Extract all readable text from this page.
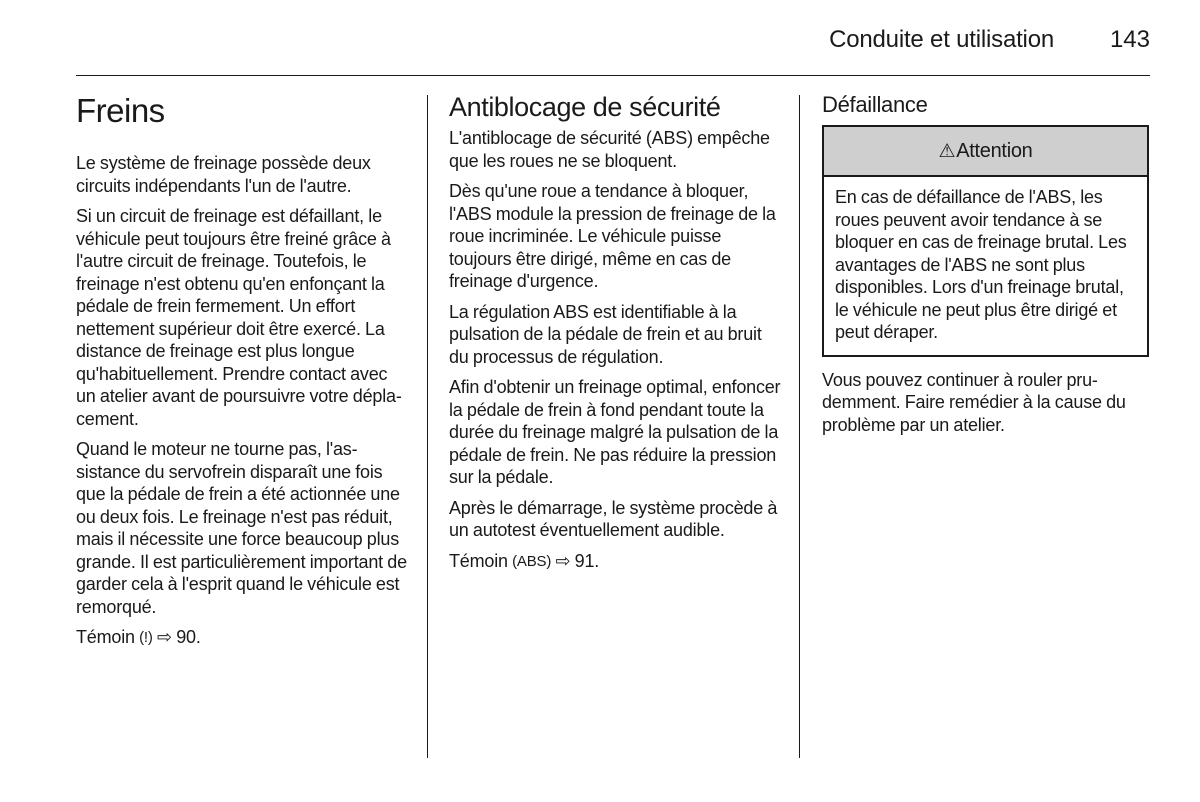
Conduite et utilisation 143
Freins

Le système de freinage possède deux circuits indépendants l'un de l'autre.

Si un circuit de freinage est défaillant, le véhicule peut toujours être freiné grâce à l'autre circuit de freinage. Toutefois, le freinage n'est obtenu qu'en enfonçant la pédale de frein fermement. Un effort nettement supérieur doit être exercé. La distance de freinage est plus longue qu'habituellement. Prendre contact avec un atelier avant de poursuivre votre déplacement.

Quand le moteur ne tourne pas, l'assistance du servofrein disparaît une fois que la pédale de frein a été actionnée une ou deux fois. Le freinage n'est pas réduit, mais il nécessite une force beaucoup plus grande. Il est particulièrement important de garder cela à l'esprit quand le véhicule est remorqué.

Témoin (!) ⇨ 90.

Antiblocage de sécurité

L'antiblocage de sécurité (ABS) empêche que les roues ne se bloquent.

Dès qu'une roue a tendance à bloquer, l'ABS module la pression de freinage de la roue incriminée. Le véhicule puisse toujours être dirigé, même en cas de freinage d'urgence.

La régulation ABS est identifiable à la pulsation de la pédale de frein et au bruit du processus de régulation.

Afin d'obtenir un freinage optimal, enfoncer la pédale de frein à fond pendant toute la durée du freinage malgré la pulsation de la pédale de frein. Ne pas réduire la pression sur la pédale.

Après le démarrage, le système procède à un autotest éventuellement audible.

Témoin (ABS) ⇨ 91.

Défaillance
⚠ Attention

En cas de défaillance de l'ABS, les roues peuvent avoir tendance à se bloquer en cas de freinage brutal. Les avantages de l'ABS ne sont plus disponibles. Lors d'un freinage brutal, le véhicule ne peut plus être dirigé et peut déraper.

Vous pouvez continuer à rouler prudemment. Faire remédier à la cause du problème par un atelier.
